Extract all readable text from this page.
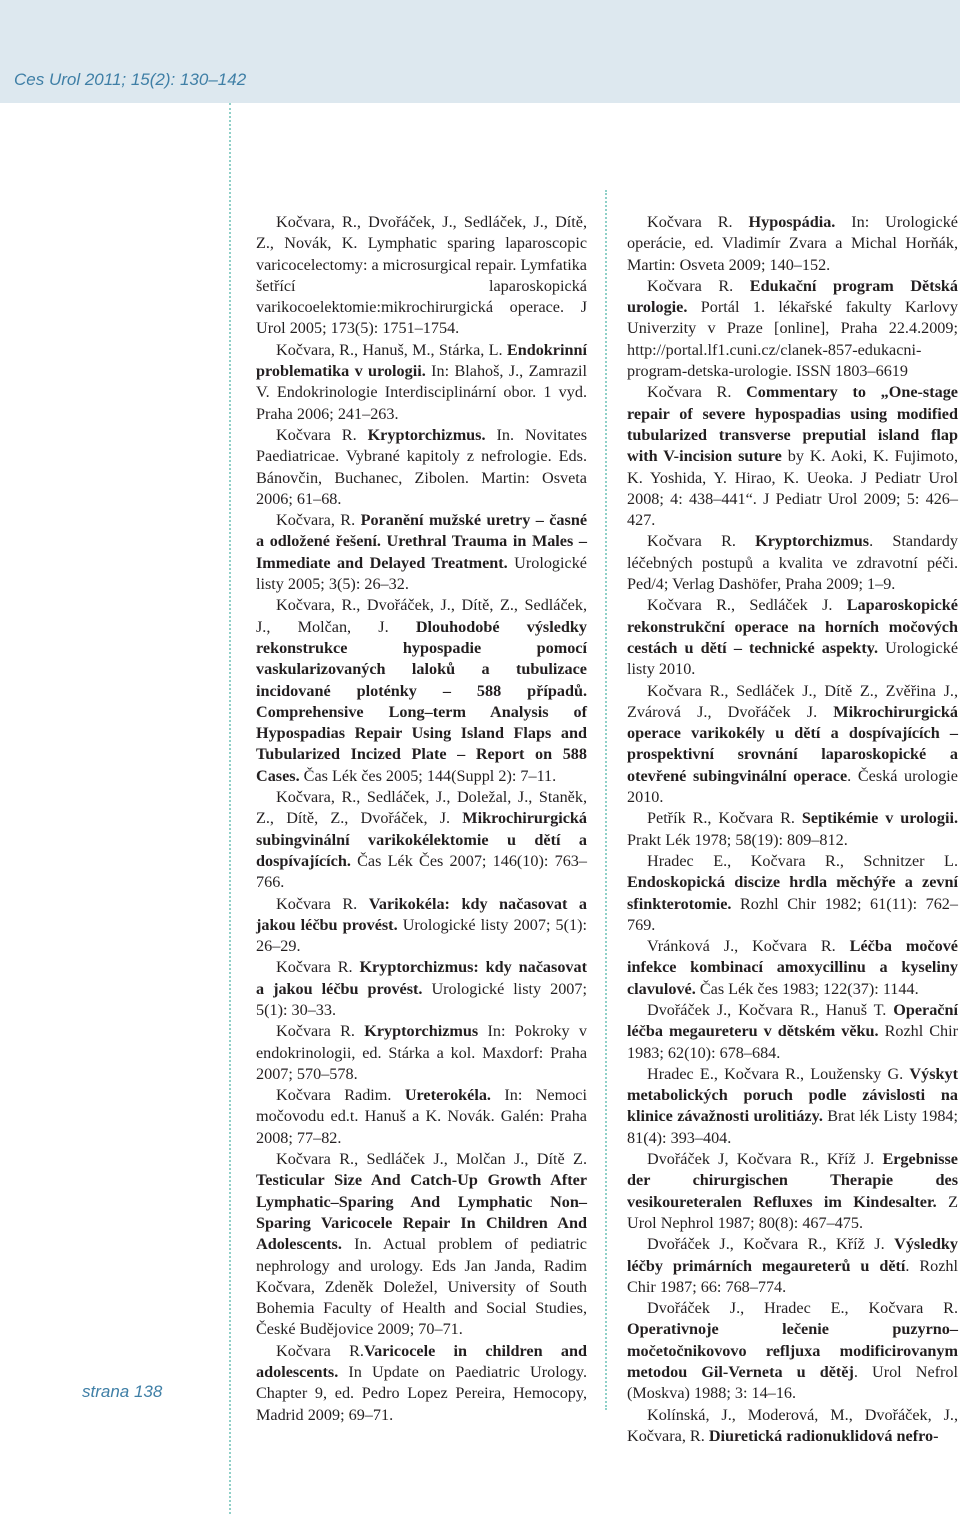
Ces Urol 2011; 15(2): 130–142
strana 138

Kočvara, R., Dvořáček, J., Sedláček, J., Dítě, Z., Novák, K. Lymphatic sparing laparoscopic varicocelectomy: a microsurgical repair. Lymfatika šetřící laparoskopická varikocoelektomie:mikrochirurgická operace. J Urol 2005; 173(5): 1751–1754.

Kočvara, R., Hanuš, M., Stárka, L. Endokrinní problematika v urologii. In: Blahoš, J., Zamrazil V. Endokrinologie Interdisciplinární obor. 1 vyd. Praha 2006; 241–263.

Kočvara R. Kryptorchizmus. In. Novitates Paediatricae. Vybrané kapitoly z nefrologie. Eds. Bánovčin, Buchanec, Zibolen. Martin: Osveta 2006; 61–68.

Kočvara, R. Poranění mužské uretry – časné a odložené řešení. Urethral Trauma in Males – Immediate and Delayed Treatment. Urologické listy 2005; 3(5): 26–32.

Kočvara, R., Dvořáček, J., Dítě, Z., Sedláček, J., Molčan, J. Dlouhodobé výsledky rekonstrukce hypospadie pomocí vaskularizovaných laloků a tubulizace incidované ploténky – 588 případů. Comprehensive Long–term Analysis of Hypospadias Repair Using Island Flaps and Tubularized Incized Plate – Report on 588 Cases. Čas Lék čes 2005; 144(Suppl 2): 7–11.

Kočvara, R., Sedláček, J., Doležal, J., Staněk, Z., Dítě, Z., Dvořáček, J. Mikrochirurgická subingvinální varikokélektomie u dětí a dospívajících. Čas Lék Čes 2007; 146(10): 763–766.

Kočvara R. Varikokéla: kdy načasovat a jakou léčbu provést. Urologické listy 2007; 5(1): 26–29.

Kočvara R. Kryptorchizmus: kdy načasovat a jakou léčbu provést. Urologické listy 2007; 5(1): 30–33.

Kočvara R. Kryptorchizmus In: Pokroky v endokrinologii, ed. Stárka a kol. Maxdorf: Praha 2007; 570–578.

Kočvara Radim. Ureterokéla. In: Nemoci močovodu ed.t. Hanuš a K. Novák. Galén: Praha 2008; 77–82.

Kočvara R., Sedláček J., Molčan J., Dítě Z. Testicular Size And Catch-Up Growth After Lymphatic–Sparing And Lymphatic Non–Sparing Varicocele Repair In Children And Adolescents. In. Actual problem of pediatric nephrology and urology. Eds Jan Janda, Radim Kočvara, Zdeněk Doležel, University of South Bohemia Faculty of Health and Social Studies, České Budějovice 2009; 70–71.

Kočvara R.Varicocele in children and adolescents. In Update on Paediatric Urology. Chapter 9, ed. Pedro Lopez Pereira, Hemocopy, Madrid 2009; 69–71.

Kočvara R. Hypospádia. In: Urologické operácie, ed. Vladimír Zvara a Michal Horňák, Martin: Osveta 2009; 140–152.

Kočvara R. Edukační program Dětská urologie. Portál 1. lékařské fakulty Karlovy Univerzity v Praze [online], Praha 22.4.2009; http://portal.lf1.cuni.cz/clanek-857-edukacni-program-detska-urologie. ISSN 1803–6619

Kočvara R. Commentary to „One-stage repair of severe hypospadias using modified tubularized transverse preputial island flap with V-incision suture by K. Aoki, K. Fujimoto, K. Yoshida, Y. Hirao, K. Ueoka. J Pediatr Urol 2008; 4: 438–441“. J Pediatr Urol 2009; 5: 426–427.

Kočvara R. Kryptorchizmus. Standardy léčebných postupů a kvalita ve zdravotní péči. Ped/4; Verlag Dashöfer, Praha 2009; 1–9.

Kočvara R., Sedláček J. Laparoskopické rekonstrukční operace na horních močových cestách u dětí – technické aspekty. Urologické listy 2010.

Kočvara R., Sedláček J., Dítě Z., Zvěřina J., Zvárová J., Dvořáček J. Mikrochirurgická operace varikokély u dětí a dospívajících – prospektivní srovnání laparoskopické a otevřené subingvinální operace. Česká urologie 2010.

Petřík R., Kočvara R. Septikémie v urologii. Prakt Lék 1978; 58(19): 809–812.

Hradec E., Kočvara R., Schnitzer L. Endoskopická discize hrdla měchýře a zevní sfinkterotomie. Rozhl Chir 1982; 61(11): 762–769.

Vránková J., Kočvara R. Léčba močové infekce kombinací amoxycillinu a kyseliny clavulové. Čas Lék čes 1983; 122(37): 1144.

Dvořáček J., Kočvara R., Hanuš T. Operační léčba megaureteru v dětském věku. Rozhl Chir 1983; 62(10): 678–684.

Hradec E., Kočvara R., Loužensky G. Výskyt metabolických poruch podle závislosti na klinice závažnosti urolitiázy. Brat lék Listy 1984; 81(4): 393–404.

Dvořáček J, Kočvara R., Kříž J. Ergebnisse der chirurgischen Therapie des vesikoureteralen Refluxes im Kindesalter. Z Urol Nephrol 1987; 80(8): 467–475.

Dvořáček J., Kočvara R., Kříž J. Výsledky léčby primárních megaureterů u dětí. Rozhl Chir 1987; 66: 768–774.

Dvořáček J., Hradec E., Kočvara R. Operativnoje lečenie puzyrno–močetočnikovovo refljuxa modificirovanym metodou Gil-Verneta u dětěj. Urol Nefrol (Moskva) 1988; 3: 14–16.

Kolínská, J., Moderová, M., Dvořáček, J., Kočvara, R. Diuretická radionuklidová nefro-
